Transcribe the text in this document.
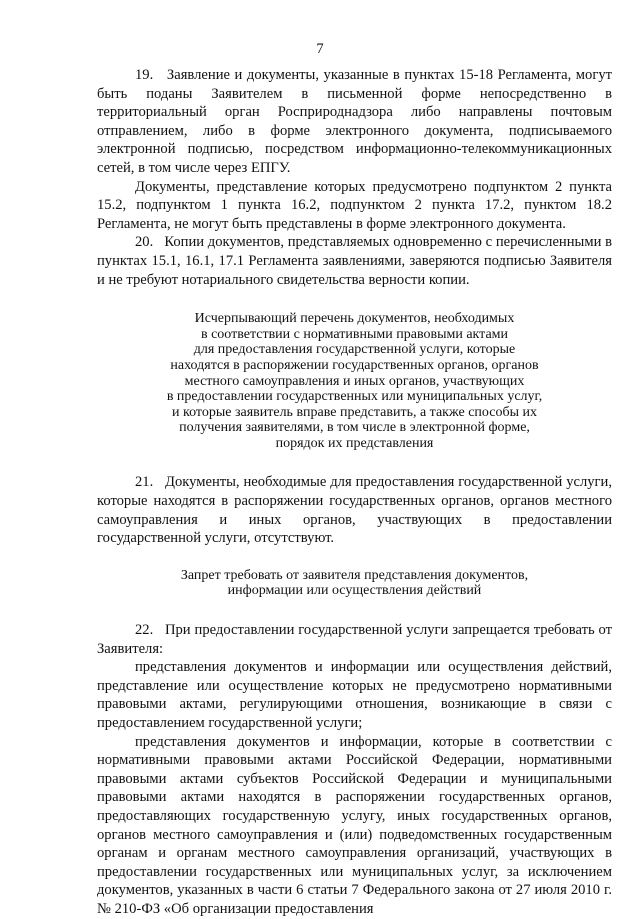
7

19.   Заявление и документы, указанные в пунктах 15-18 Регламента, могут быть поданы Заявителем в письменной форме непосредственно в территориальный орган Росприроднадзора либо направлены почтовым отправлением, либо в форме электронного документа, подписываемого электронной подписью, посредством информационно-телекоммуникационных сетей, в том числе через ЕПГУ.

Документы, представление которых предусмотрено подпунктом 2 пункта 15.2, подпунктом 1 пункта 16.2, подпунктом 2 пункта 17.2, пунктом 18.2 Регламента, не могут быть представлены в форме электронного документа.

20.   Копии документов, представляемых одновременно с перечисленными в пунктах 15.1, 16.1, 17.1 Регламента заявлениями, заверяются подписью Заявителя и не требуют нотариального свидетельства верности копии.

Исчерпывающий перечень документов, необходимых
в соответствии с нормативными правовыми актами
для предоставления государственной услуги, которые
находятся в распоряжении государственных органов, органов
местного самоуправления и иных органов, участвующих
в предоставлении государственных или муниципальных услуг,
и которые заявитель вправе представить, а также способы их
получения заявителями, в том числе в электронной форме,
порядок их представления

21.   Документы, необходимые для предоставления государственной услуги, которые находятся в распоряжении государственных органов, органов местного самоуправления и иных органов, участвующих в предоставлении государственной услуги, отсутствуют.

Запрет требовать от заявителя представления документов,
информации или осуществления действий

22.   При предоставлении государственной услуги запрещается требовать от Заявителя:

представления документов и информации или осуществления действий, представление или осуществление которых не предусмотрено нормативными правовыми актами, регулирующими отношения, возникающие в связи с предоставлением государственной услуги;

представления документов и информации, которые в соответствии с нормативными правовыми актами Российской Федерации, нормативными правовыми актами субъектов Российской Федерации и муниципальными правовыми актами находятся в распоряжении государственных органов, предоставляющих государственную услугу, иных государственных органов, органов местного самоуправления и (или) подведомственных государственным органам и органам местного самоуправления организаций, участвующих в предоставлении государственных или муниципальных услуг, за исключением документов, указанных в части 6 статьи 7 Федерального закона от 27 июля 2010 г. № 210-ФЗ «Об организации предоставления
